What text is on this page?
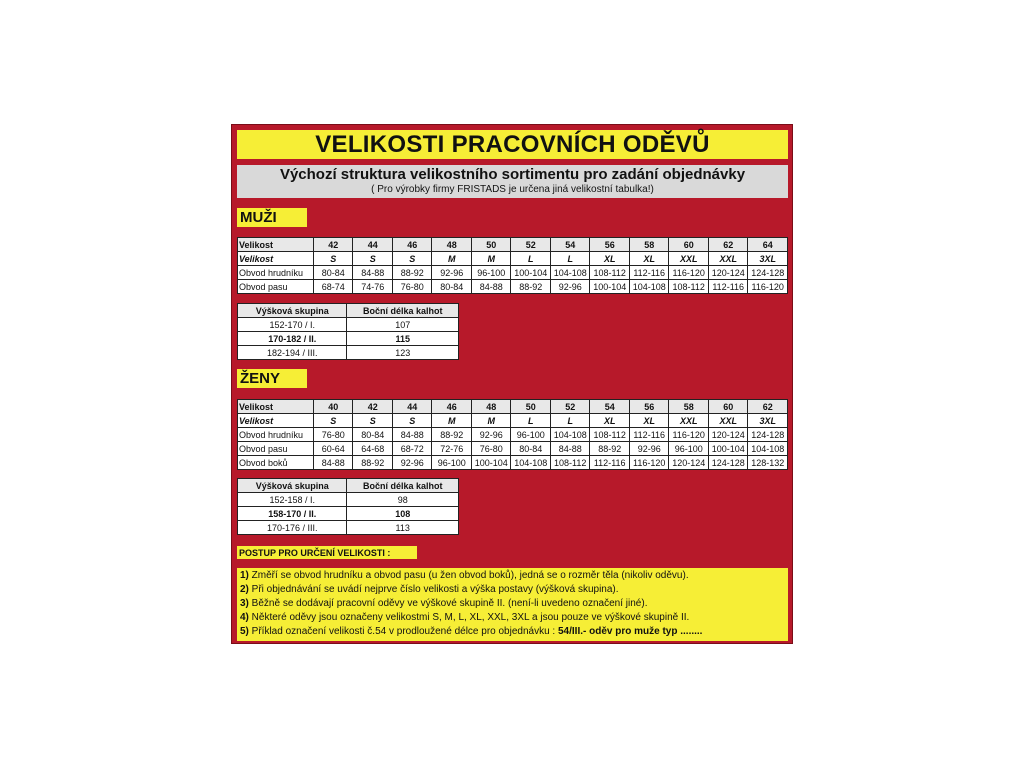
VELIKOSTI PRACOVNÍCH ODĚVŮ
Výchozí struktura velikostního sortimentu pro zadání objednávky
( Pro výrobky firmy FRISTADS je určena jiná velikostní tabulka!)
MUŽI
Velikost	42	44	46	48	50	52	54	56	58	60	62	64
Velikost	S	S	S	M	M	L	L	XL	XL	XXL	XXL	3XL
Obvod hrudníku	80-84	84-88	88-92	92-96	96-100	100-104	104-108	108-112	112-116	116-120	120-124	124-128
Obvod pasu	68-74	74-76	76-80	80-84	84-88	88-92	92-96	100-104	104-108	108-112	112-116	116-120
Výšková skupina	Boční délka kalhot
152-170 / I.	107
170-182 / II.	115
182-194 / III.	123
ŽENY
Velikost	40	42	44	46	48	50	52	54	56	58	60	62
Velikost	S	S	S	M	M	L	L	XL	XL	XXL	XXL	3XL
Obvod hrudníku	76-80	80-84	84-88	88-92	92-96	96-100	104-108	108-112	112-116	116-120	120-124	124-128
Obvod pasu	60-64	64-68	68-72	72-76	76-80	80-84	84-88	88-92	92-96	96-100	100-104	104-108
Obvod boků	84-88	88-92	92-96	96-100	100-104	104-108	108-112	112-116	116-120	120-124	124-128	128-132
Výšková skupina	Boční délka kalhot
152-158 / I.	98
158-170 / II.	108
170-176 / III.	113
POSTUP PRO URČENÍ VELIKOSTI :
1) Změří se obvod hrudníku a obvod pasu (u žen obvod boků), jedná se o rozměr těla (nikoliv oděvu).
2) Při objednávání se uvádí nejprve číslo velikosti a výška postavy (výšková skupina).
3) Běžně se dodávají pracovní oděvy ve výškové skupině II. (není-li uvedeno označení jiné).
4) Některé oděvy jsou označeny velikostmi S, M, L, XL, XXL, 3XL a jsou pouze ve výškové skupině II.
5) Příklad označení velikosti č.54 v prodloužené délce pro objednávku : 54/III.- oděv pro muže typ ........
